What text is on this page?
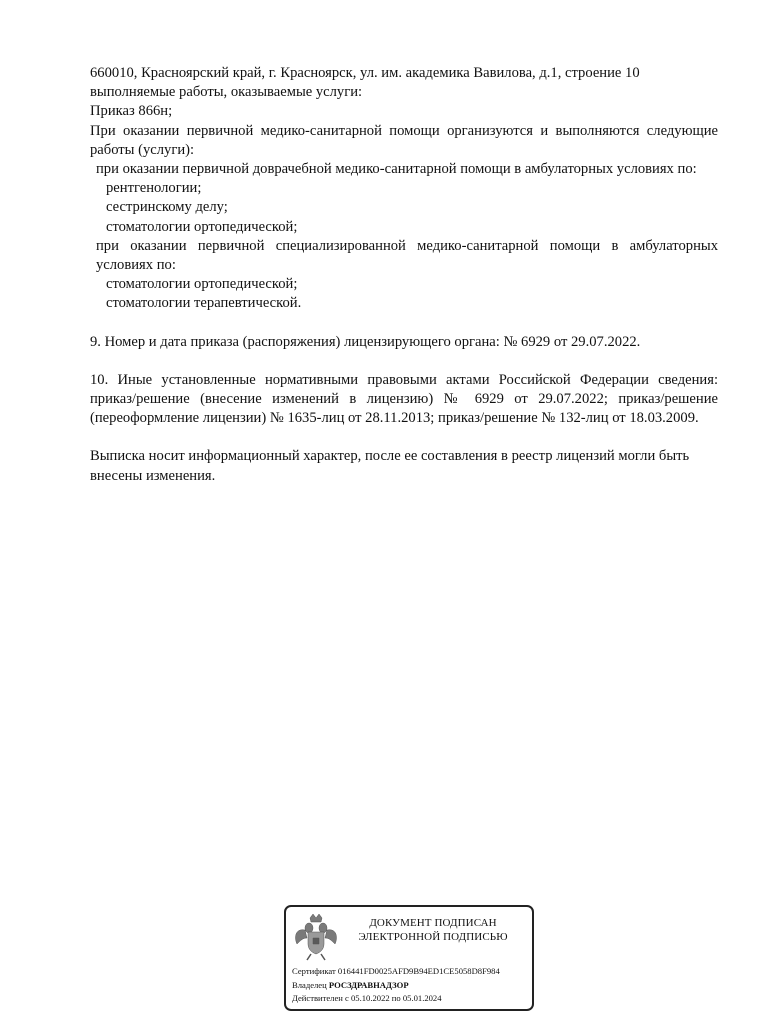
660010, Красноярский край, г. Красноярск, ул. им. академика Вавилова, д.1, строение 10

выполняемые работы, оказываемые услуги:

Приказ 866н;

При оказании первичной медико-санитарной помощи организуются и выполняются следующие работы (услуги):

при оказании первичной доврачебной медико-санитарной помощи в амбулаторных условиях по:

рентгенологии;

сестринскому делу;

стоматологии ортопедической;

при оказании первичной специализированной медико-санитарной помощи в амбулаторных условиях по:

стоматологии ортопедической;

стоматологии терапевтической.

9. Номер и дата приказа (распоряжения) лицензирующего органа: № 6929 от 29.07.2022.

10. Иные установленные нормативными правовыми актами Российской Федерации сведения: приказ/решение (внесение изменений в лицензию) № 6929 от 29.07.2022; приказ/решение (переоформление лицензии) № 1635-лиц от 28.11.2013; приказ/решение № 132-лиц от 18.03.2009.

Выписка носит информационный характер, после ее составления в реестр лицензий могли быть внесены изменения.

ДОКУМЕНТ ПОДПИСАН
ЭЛЕКТРОННОЙ ПОДПИСЬЮ
Сертификат 016441FD0025AFD9B94ED1CE5058D8F984
Владелец РОСЗДРАВНАДЗОР
Действителен с 05.10.2022 по 05.01.2024
